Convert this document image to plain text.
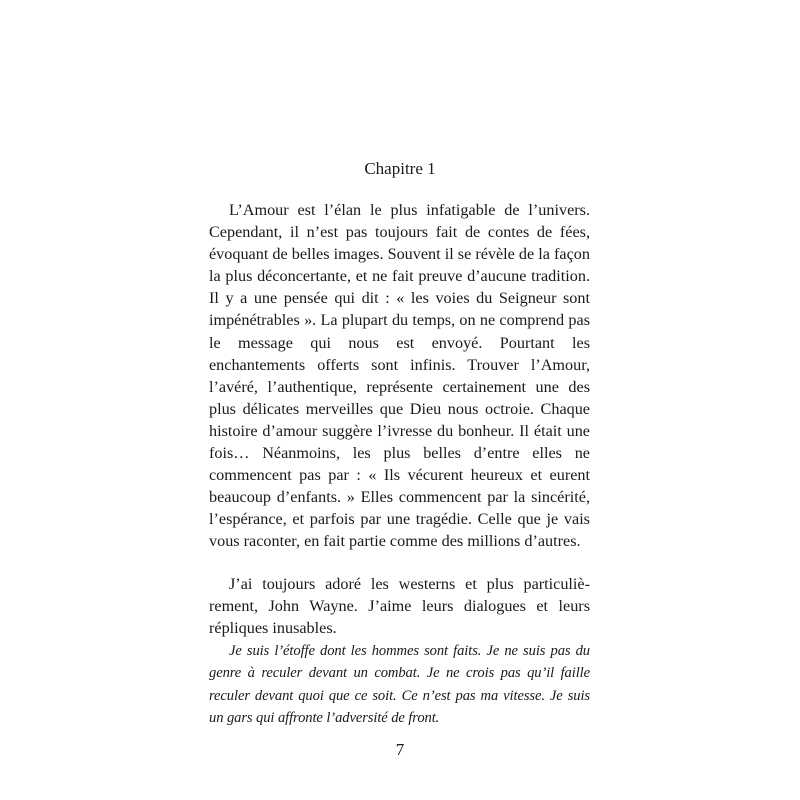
Chapitre 1

L’Amour est l’élan le plus infatigable de l’univers. Cependant, il n’est pas toujours fait de contes de fées, évoquant de belles images. Souvent il se révèle de la façon la plus déconcertante, et ne fait preuve d’aucune tradition. Il y a une pensée qui dit : « les voies du Seigneur sont impénétrables ». La plupart du temps, on ne comprend pas le message qui nous est envoyé. Pourtant les enchantements offerts sont infinis. Trouver l’Amour, l’avéré, l’authentique, représente certainement une des plus délicates merveilles que Dieu nous octroie. Chaque histoire d’amour suggère l’ivresse du bonheur. Il était une fois… Néanmoins, les plus belles d’entre elles ne commencent pas par : « Ils vécurent heureux et eurent beaucoup d’enfants. » Elles commencent par la sincérité, l’espérance, et parfois par une tragédie. Celle que je vais vous raconter, en fait partie comme des millions d’autres.

J’ai toujours adoré les westerns et plus particulièrement, John Wayne. J’aime leurs dialogues et leurs répliques inusables.

Je suis l’étoffe dont les hommes sont faits. Je ne suis pas du genre à reculer devant un combat. Je ne crois pas qu’il faille reculer devant quoi que ce soit. Ce n’est pas ma vitesse. Je suis un gars qui affronte l’adversité de front.

7
